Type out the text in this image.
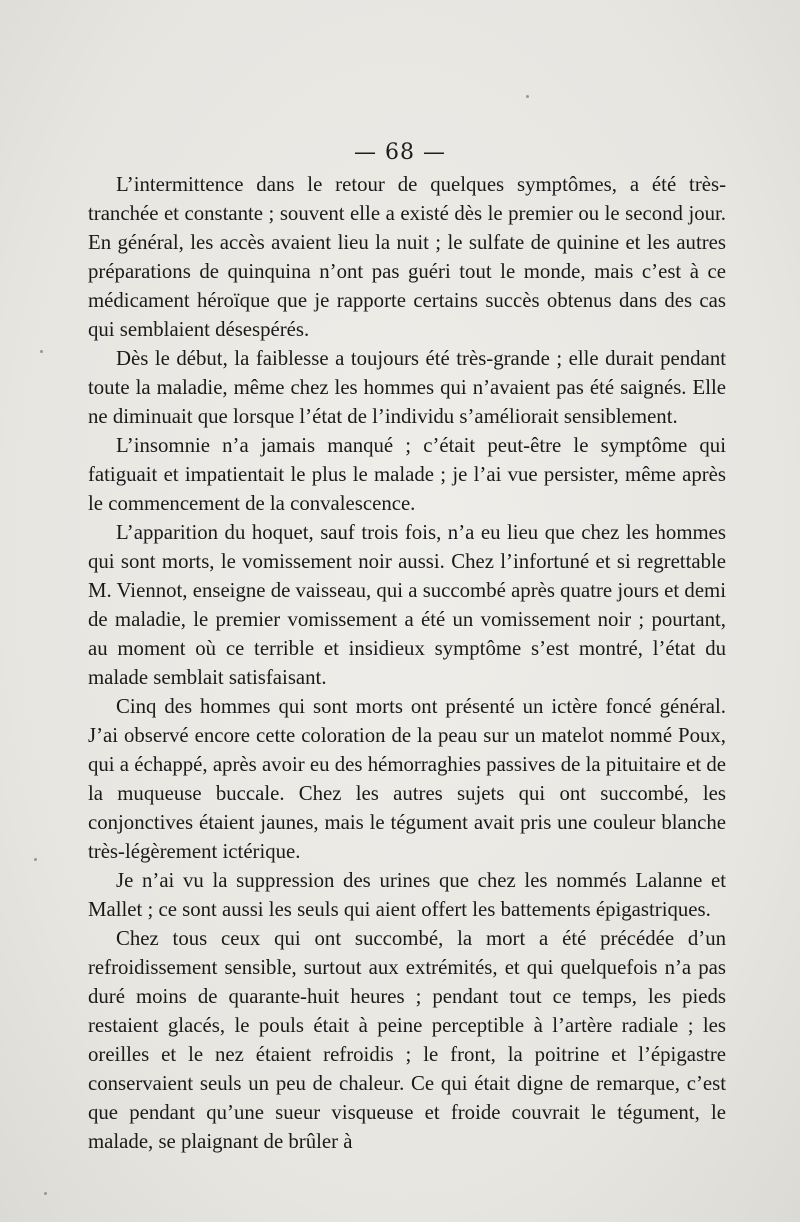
— 68 —

L’intermittence dans le retour de quelques symptômes, a été très-tranchée et constante ; souvent elle a existé dès le premier ou le second jour. En général, les accès avaient lieu la nuit ; le sulfate de quinine et les autres préparations de quinquina n’ont pas guéri tout le monde, mais c’est à ce médicament héroïque que je rapporte certains succès obtenus dans des cas qui semblaient désespérés.

Dès le début, la faiblesse a toujours été très-grande ; elle durait pendant toute la maladie, même chez les hommes qui n’avaient pas été saignés. Elle ne diminuait que lorsque l’état de l’individu s’améliorait sensiblement.

L’insomnie n’a jamais manqué ; c’était peut-être le symptôme qui fatiguait et impatientait le plus le malade ; je l’ai vue persister, même après le commencement de la convalescence.

L’apparition du hoquet, sauf trois fois, n’a eu lieu que chez les hommes qui sont morts, le vomissement noir aussi. Chez l’infortuné et si regrettable M. Viennot, enseigne de vaisseau, qui a succombé après quatre jours et demi de maladie, le premier vomissement a été un vomissement noir ; pourtant, au moment où ce terrible et insidieux symptôme s’est montré, l’état du malade semblait satisfaisant.

Cinq des hommes qui sont morts ont présenté un ictère foncé général. J’ai observé encore cette coloration de la peau sur un matelot nommé Poux, qui a échappé, après avoir eu des hémorraghies passives de la pituitaire et de la muqueuse buccale. Chez les autres sujets qui ont succombé, les conjonctives étaient jaunes, mais le tégument avait pris une couleur blanche très-légèrement ictérique.

Je n’ai vu la suppression des urines que chez les nommés Lalanne et Mallet ; ce sont aussi les seuls qui aient offert les battements épigastriques.

Chez tous ceux qui ont succombé, la mort a été précédée d’un refroidissement sensible, surtout aux extrémités, et qui quelquefois n’a pas duré moins de quarante-huit heures ; pendant tout ce temps, les pieds restaient glacés, le pouls était à peine perceptible à l’artère radiale ; les oreilles et le nez étaient refroidis ; le front, la poitrine et l’épigastre conservaient seuls un peu de chaleur. Ce qui était digne de remarque, c’est que pendant qu’une sueur visqueuse et froide couvrait le tégument, le malade, se plaignant de brûler à
